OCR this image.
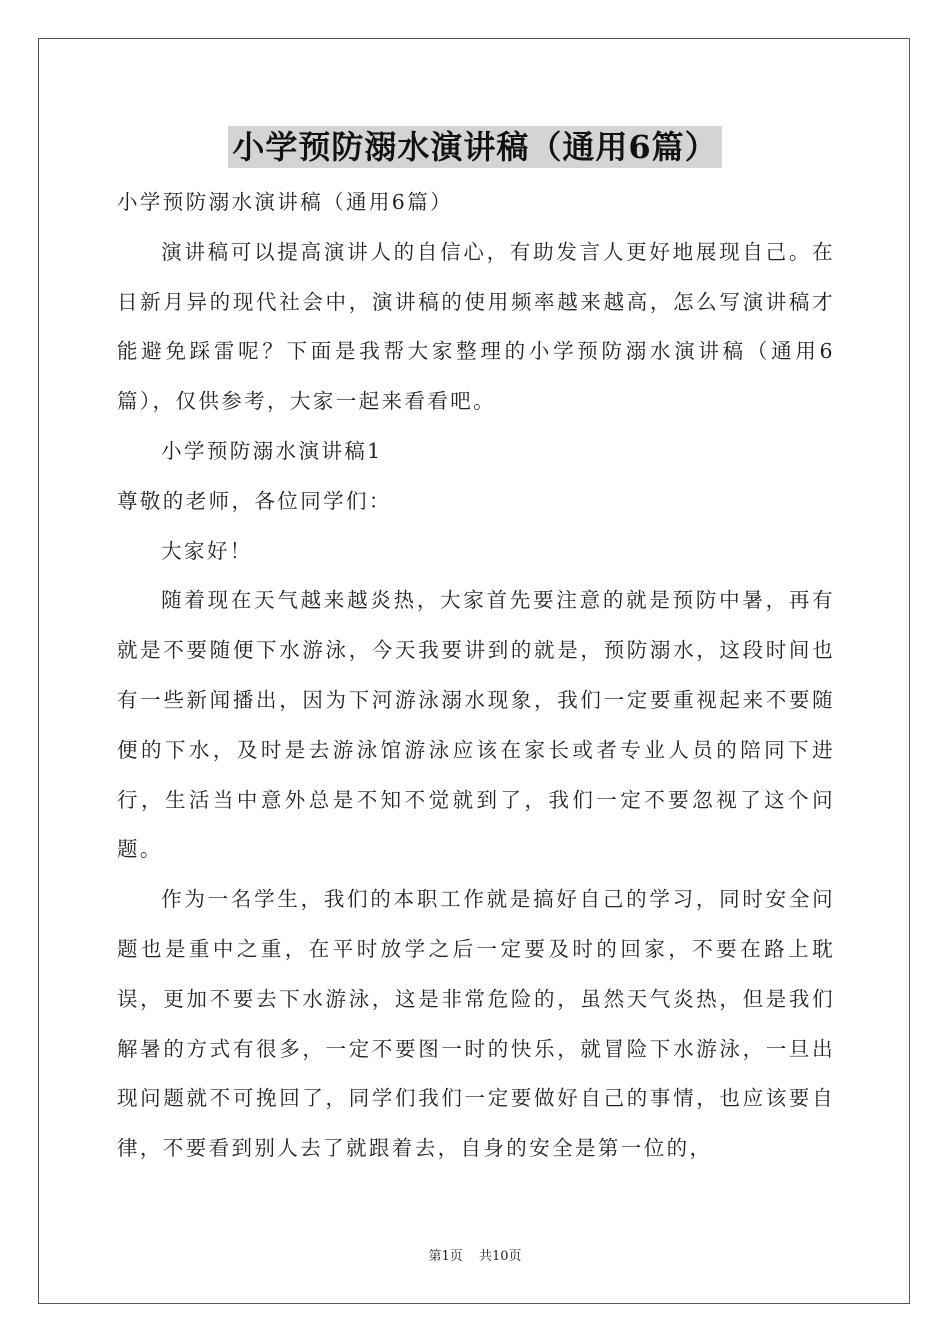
小学预防溺水演讲稿（通用6篇）

小学预防溺水演讲稿（通用6篇）

演讲稿可以提高演讲人的自信心，有助发言人更好地展现自己。在日新月异的现代社会中，演讲稿的使用频率越来越高，怎么写演讲稿才能避免踩雷呢？下面是我帮大家整理的小学预防溺水演讲稿（通用6篇），仅供参考，大家一起来看看吧。

小学预防溺水演讲稿1

尊敬的老师，各位同学们：

大家好！

随着现在天气越来越炎热，大家首先要注意的就是预防中暑，再有就是不要随便下水游泳，今天我要讲到的就是，预防溺水，这段时间也有一些新闻播出，因为下河游泳溺水现象，我们一定要重视起来不要随便的下水，及时是去游泳馆游泳应该在家长或者专业人员的陪同下进行，生活当中意外总是不知不觉就到了，我们一定不要忽视了这个问题。

作为一名学生，我们的本职工作就是搞好自己的学习，同时安全问题也是重中之重，在平时放学之后一定要及时的回家，不要在路上耽误，更加不要去下水游泳，这是非常危险的，虽然天气炎热，但是我们解暑的方式有很多，一定不要图一时的快乐，就冒险下水游泳，一旦出现问题就不可挽回了，同学们我们一定要做好自己的事情，也应该要自律，不要看到别人去了就跟着去，自身的安全是第一位的，

第1页 共10页
